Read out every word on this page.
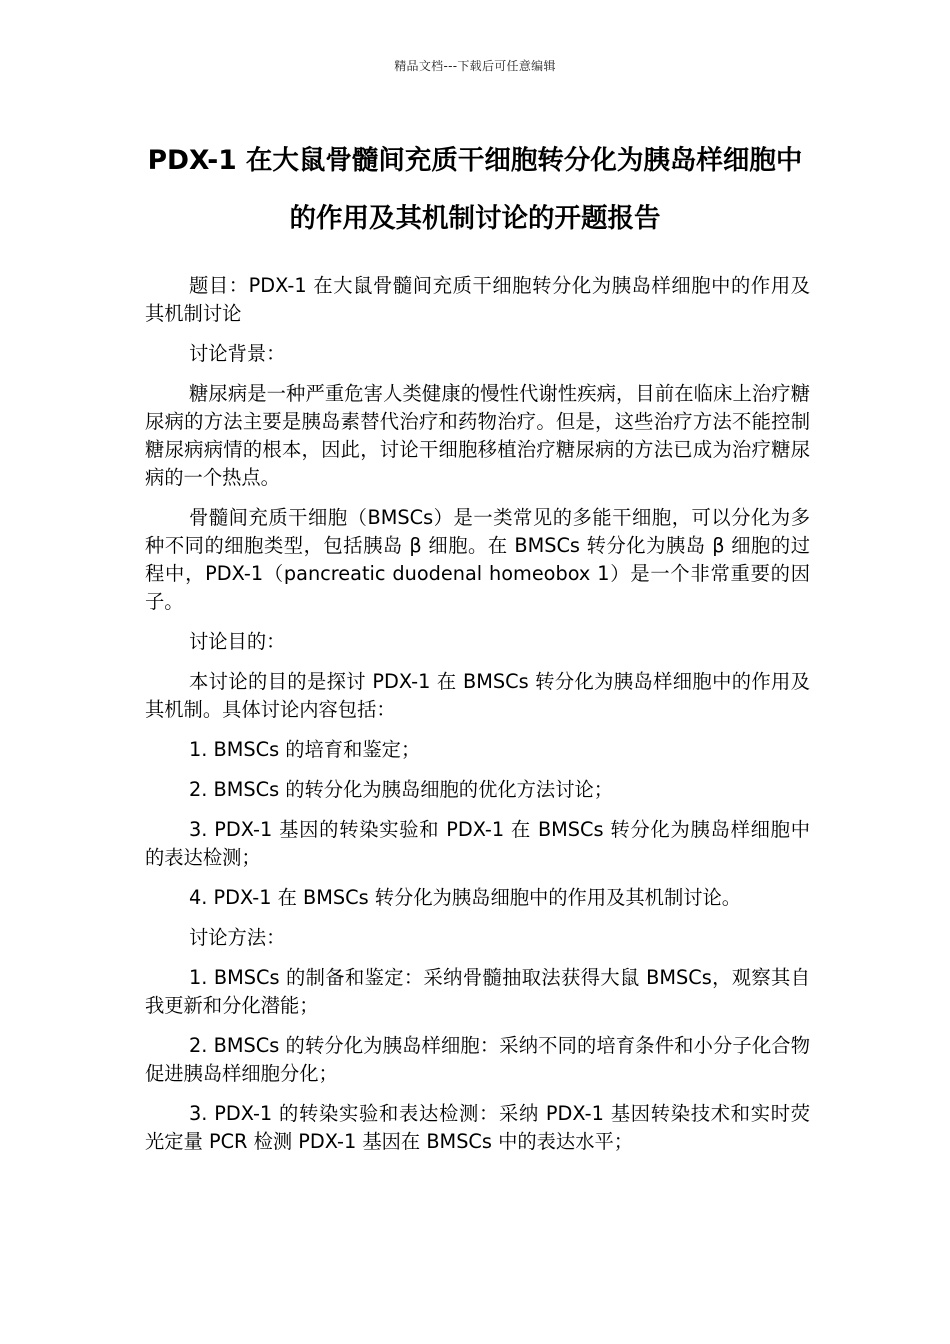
精品文档---下载后可任意编辑
PDX-1 在大鼠骨髓间充质干细胞转分化为胰岛样细胞中的作用及其机制讨论的开题报告

题目：PDX-1 在大鼠骨髓间充质干细胞转分化为胰岛样细胞中的作用及其机制讨论

讨论背景：

糖尿病是一种严重危害人类健康的慢性代谢性疾病，目前在临床上治疗糖尿病的方法主要是胰岛素替代治疗和药物治疗。但是，这些治疗方法不能控制糖尿病病情的根本，因此，讨论干细胞移植治疗糖尿病的方法已成为治疗糖尿病的一个热点。

骨髓间充质干细胞（BMSCs）是一类常见的多能干细胞，可以分化为多种不同的细胞类型，包括胰岛 β 细胞。在 BMSCs 转分化为胰岛 β 细胞的过程中，PDX-1（pancreatic duodenal homeobox 1）是一个非常重要的因子。

讨论目的：

本讨论的目的是探讨 PDX-1 在 BMSCs 转分化为胰岛样细胞中的作用及其机制。具体讨论内容包括：

1. BMSCs 的培育和鉴定；

2. BMSCs 的转分化为胰岛细胞的优化方法讨论；

3. PDX-1 基因的转染实验和 PDX-1 在 BMSCs 转分化为胰岛样细胞中的表达检测；

4. PDX-1 在 BMSCs 转分化为胰岛细胞中的作用及其机制讨论。

讨论方法：

1. BMSCs 的制备和鉴定：采纳骨髓抽取法获得大鼠 BMSCs，观察其自我更新和分化潜能；

2. BMSCs 的转分化为胰岛样细胞：采纳不同的培育条件和小分子化合物促进胰岛样细胞分化；

3. PDX-1 的转染实验和表达检测：采纳 PDX-1 基因转染技术和实时荧光定量 PCR 检测 PDX-1 基因在 BMSCs 中的表达水平；
